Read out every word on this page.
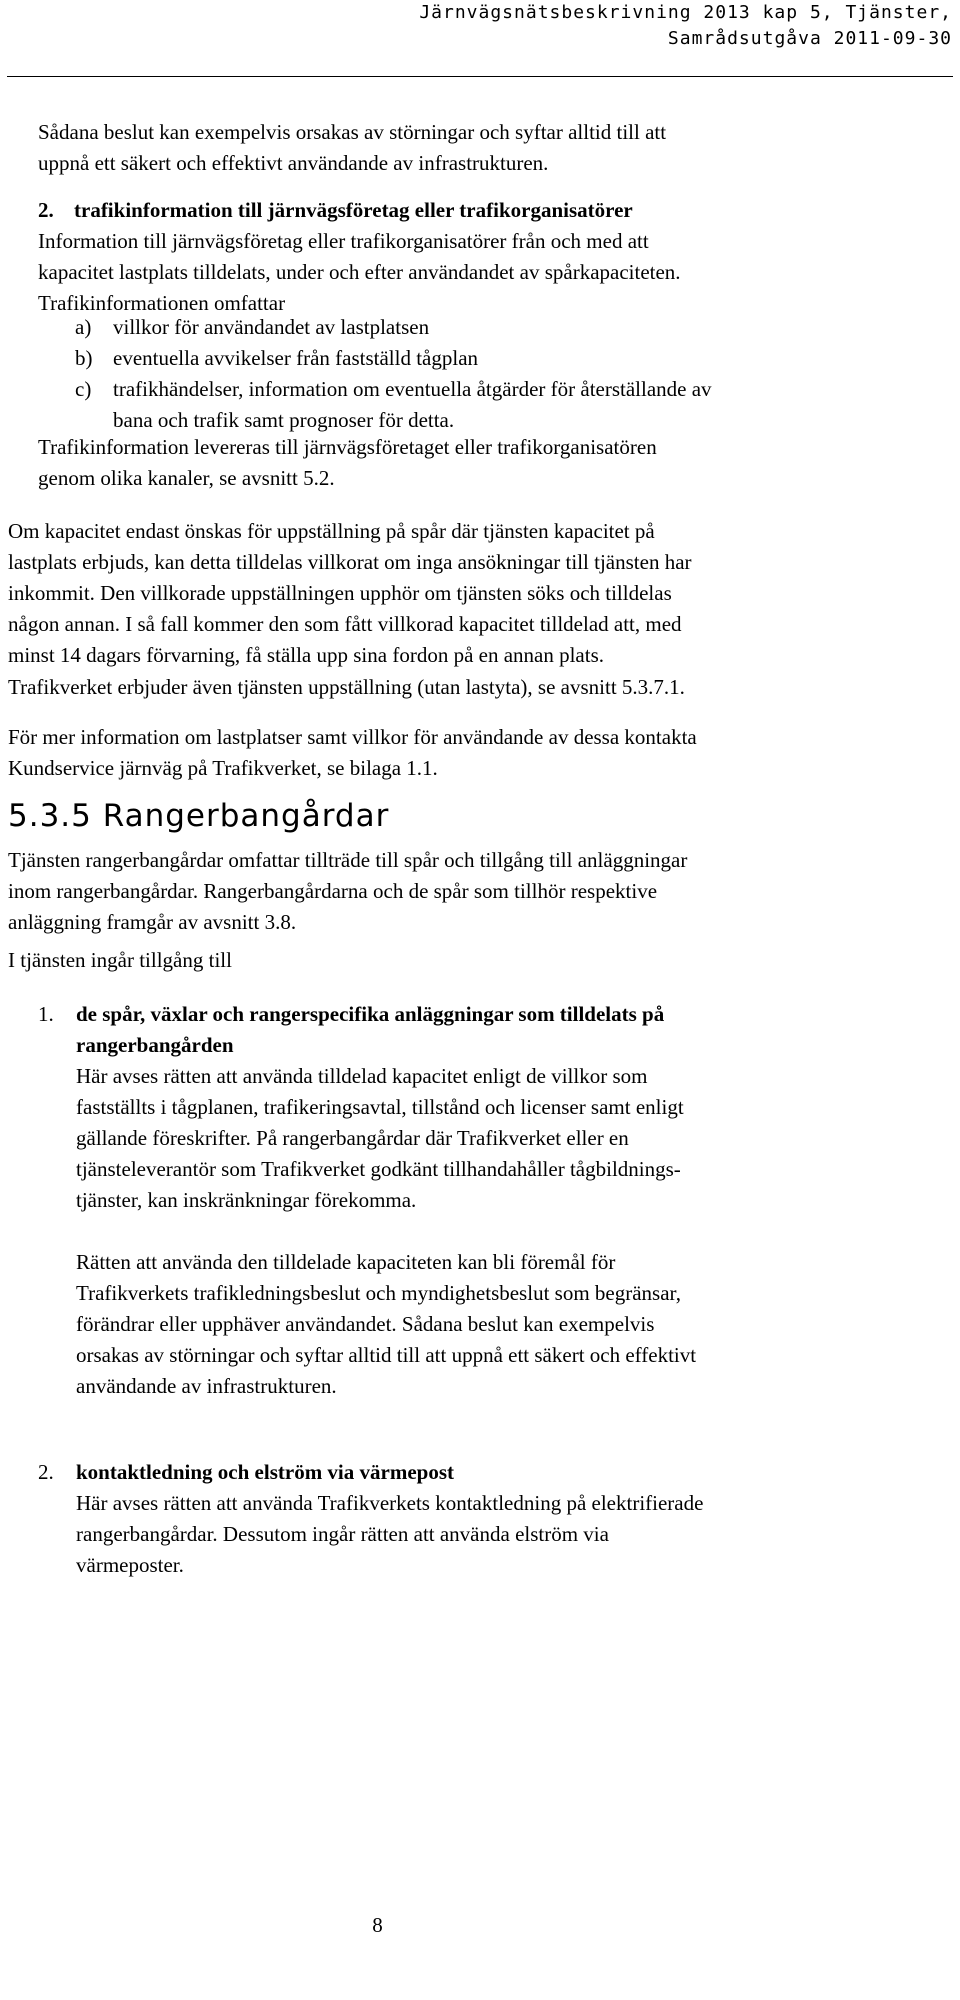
Järnvägsnätsbeskrivning 2013 kap 5, Tjänster,
Samrådsutgåva 2011-09-30
Sådana beslut kan exempelvis orsakas av störningar och syftar alltid till att
uppnå ett säkert och effektivt användande av infrastrukturen.
2. trafikinformation till järnvägsföretag eller trafikorganisatörer
Information till järnvägsföretag eller trafikorganisatörer från och med att
kapacitet lastplats tilldelats, under och efter användandet av spårkapaciteten.
Trafikinformationen omfattar
a)	villkor för användandet av lastplatsen
b) eventuella avvikelser från fastställd tågplan
c)	trafikhändelser, information om eventuella åtgärder för återställande av
bana och trafik samt prognoser för detta.
Trafikinformation levereras till järnvägsföretaget eller trafikorganisatören
genom olika kanaler, se avsnitt 5.2.
Om kapacitet endast önskas för uppställning på spår där tjänsten kapacitet på
lastplats erbjuds, kan detta tilldelas villkorat om inga ansökningar till tjänsten har
inkommit. Den villkorade uppställningen upphör om tjänsten söks och tilldelas
någon annan. I så fall kommer den som fått villkorad kapacitet tilldelad att, med
minst 14 dagars förvarning, få ställa upp sina fordon på en annan plats.
Trafikverket erbjuder även tjänsten uppställning (utan lastyta), se avsnitt 5.3.7.1.
För mer information om lastplatser samt villkor för användande av dessa kontakta
Kundservice järnväg på Trafikverket, se bilaga 1.1.
5.3.5 Rangerbangårdar
Tjänsten rangerbangårdar omfattar tillträde till spår och tillgång till anläggningar
inom rangerbangårdar. Rangerbangårdarna och de spår som tillhör respektive
anläggning framgår av avsnitt 3.8.
I tjänsten ingår tillgång till
1. de spår, växlar och rangerspecifika anläggningar som tilldelats på
rangerbangården
Här avses rätten att använda tilldelad kapacitet enligt de villkor som
fastställts i tågplanen, trafikeringsavtal, tillstånd och licenser samt enligt
gällande föreskrifter. På rangerbangårdar där Trafikverket eller en
tjänsteleverantör som Trafikverket godkänt tillhandahåller tågbildnings-
tjänster, kan inskränkningar förekomma.
Rätten att använda den tilldelade kapaciteten kan bli föremål för
Trafikverkets trafikledningsbeslut och myndighetsbeslut som begränsar,
förändrar eller upphäver användandet. Sådana beslut kan exempelvis
orsakas av störningar och syftar alltid till att uppnå ett säkert och effektivt
användande av infrastrukturen.
2. kontaktledning och elström via värmepost
Här avses rätten att använda Trafikverkets kontaktledning på elektrifierade
rangerbangårdar. Dessutom ingår rätten att använda elström via
värmeposter.
8
